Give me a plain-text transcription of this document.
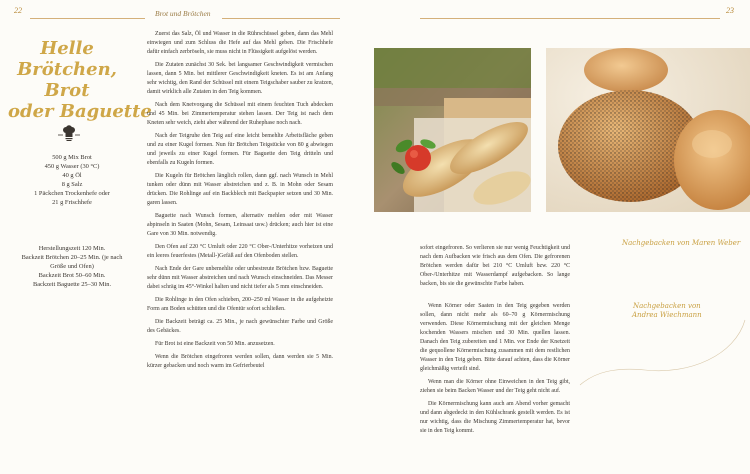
22	Brot und Brötchen	23
Helle
Brötchen,
Brot
oder Baguette
500 g Mix Brot
450 g Wasser (30 °C)
40 g Öl
8 g Salz
1 Päckchen Trockenhefe oder
21 g Frischhefe
Herstellungszeit 120 Min.
Backzeit Brötchen 20–25 Min. (je nach
Größe und Ofen)
Backzeit Brot 50–60 Min.
Backzeit Baguette 25–30 Min.

Zuerst das Salz, Öl und Wasser in die Rührschüssel geben, dann das Mehl einwiegen und zum Schluss die Hefe auf das Mehl geben. Die Frischhefe dafür einfach zerbröseln, sie muss nicht in Flüssigkeit aufgelöst werden.

Die Zutaten zunächst 30 Sek. bei langsamer Geschwindigkeit vermischen lassen, dann 5 Min. bei mittlerer Geschwindigkeit kneten. Es ist am Anfang sehr wichtig, den Rand der Schüssel mit einem Teigschaber sauber zu kratzen, damit wirklich alle Zutaten in den Teig kommen.

Nach dem Knetvorgang die Schüssel mit einem feuchten Tuch abdecken und 45 Min. bei Zimmertemperatur stehen lassen. Der Teig ist nach dem Kneten sehr weich, zieht aber während der Ruhephase noch nach.

Nach der Teigruhe den Teig auf eine leicht bemehlte Arbeitsfläche geben und zu einer Kugel formen. Nun für Brötchen Teigstücke von 80 g abwiegen und jeweils zu einer Kugel formen. Für Baguette den Teig dritteln und ebenfalls zu Kugeln formen.

Die Kugeln für Brötchen länglich rollen, dann ggf. nach Wunsch in Mehl tunken oder dünn mit Wasser abstreichen und z. B. in Mohn oder Sesam drücken. Die Rohlinge auf ein Backblech mit Backpapier setzen und 30 Min. garen lassen.

Baguette nach Wunsch formen, alternativ mehlen oder mit Wasser abpinseln in Saaten (Mohn, Sesam, Leinsaat usw.) drücken; auch hier ist eine Gare von 30 Min. notwendig.

Den Ofen auf 220 °C Umluft oder 220 °C Ober-/Unterhitze vorheizen und ein leeres feuerfestes (Metall-)Gefäß auf den Ofenboden stellen.

Nach Ende der Gare unbemehlte oder unbestreute Brötchen bzw. Baguette sehr dünn mit Wasser abstreichen und nach Wunsch einschneiden. Das Messer dabei schräg im 45°-Winkel halten und nicht tiefer als 5 mm einschneiden.

Die Rohlinge in den Ofen schieben, 200–250 ml Wasser in die aufgeheizte Form am Boden schütten und die Ofentür sofort schließen.

Die Backzeit beträgt ca. 25 Min., je nach gewünschter Farbe und Größe des Gebäckes.

Für Brot ist eine Backzeit von 50 Min. anzusetzen.

Wenn die Brötchen eingefroren werden sollen, dann werden sie 5 Min. kürzer gebacken und noch warm im Gefrierbeutel

sofort eingefroren. So verlieren sie nur wenig Feuchtigkeit und nach dem Aufbacken wie frisch aus dem Ofen. Die gefrorenen Brötchen werden dafür bei 210 °C Umluft bzw. 220 °C Ober-/Unterhitze mit Wasserdampf aufgebacken. So lange backen, bis sie die gewünschte Farbe haben.

Nachgebacken von Maren Weber
Nachgebacken von
Andrea Wiechmann

Wenn Körner oder Saaten in den Teig gegeben werden sollen, dann nicht mehr als 60–70 g Körnermischung verwenden. Diese Körnermischung mit der gleichen Menge kochenden Wassers mischen und 30 Min. quellen lassen. Danach den Teig zubereiten und 1 Min. vor Ende der Knetzeit die gequollene Körnermischung zusammen mit dem restlichen Wasser in den Teig geben. Bitte darauf achten, dass die Körner gleichmäßig verteilt sind.

Wenn man die Körner ohne Einweichen in den Teig gibt, ziehen sie beim Backen Wasser und der Teig geht nicht auf.

Die Körnermischung kann auch am Abend vorher gemacht und dann abgedeckt in den Kühlschrank gestellt werden. Es ist nur wichtig, dass die Mischung Zimmertemperatur hat, bevor sie in den Teig kommt.
